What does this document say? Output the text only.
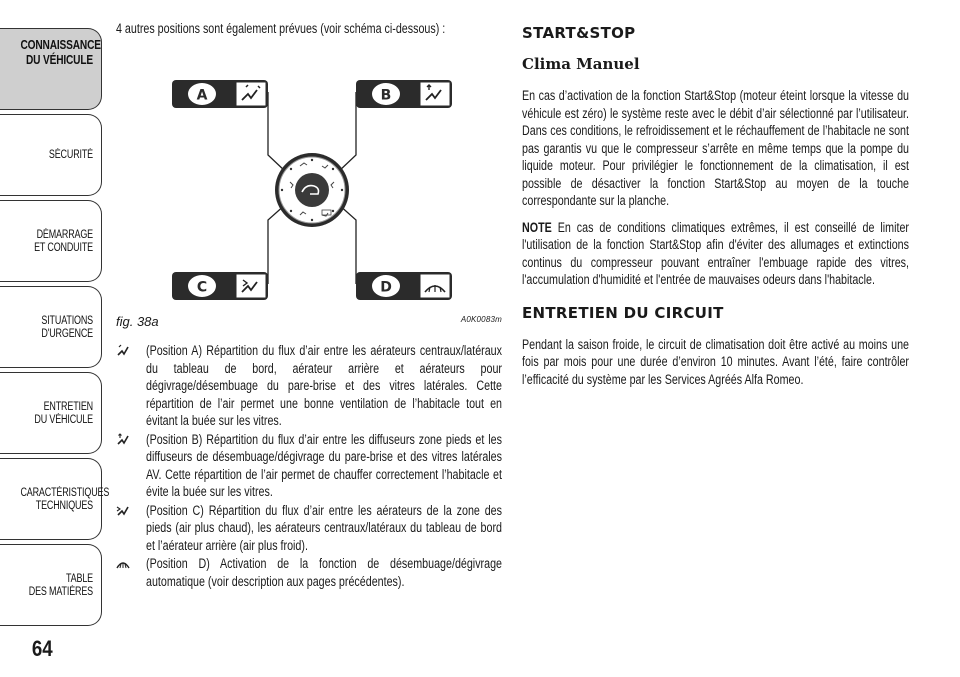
CONNAISSANCE
DU VÉHICULE
SÉCURITÉ
DÉMARRAGE
ET CONDUITE
SITUATIONS
D'URGENCE
ENTRETIEN
DU VÉHICULE
CARACTÉRISTIQUES
TECHNIQUES
TABLE
DES MATIÈRES
64
4 autres positions sont également prévues (voir schéma ci-dessous) :
A	B
C	D
fig. 38a	A0K0083m
(Position A) Répartition du flux d’air entre les aérateurs centraux/latéraux du tableau de bord, aérateur arrière et aérateurs pour dégivrage/désembuage du pare-brise et des vitres latérales. Cette répartition de l’air permet une bonne ventilation de l’habitacle tout en évitant la buée sur les vitres.
(Position B) Répartition du flux d’air entre les diffuseurs zone pieds et les diffuseurs de désembuage/dégivrage du pare-brise et des vitres latérales AV. Cette répartition de l’air permet de chauffer correctement l’habitacle et évite la buée sur les vitres.
(Position C) Répartition du flux d’air entre les aérateurs de la zone des pieds (air plus chaud), les aérateurs centraux/latéraux du tableau de bord et l’aérateur arrière (air plus froid).
(Position D) Activation de la fonction de désembuage/dégivrage automatique (voir description aux pages précédentes).
START&STOP
Clima Manuel

En cas d’activation de la fonction Start&Stop (moteur éteint lorsque la vitesse du véhicule est zéro) le système reste avec le débit d’air sélectionné par l’utilisateur. Dans ces conditions, le refroidissement et le réchauffement de l’habitacle ne sont pas garantis vu que le compresseur s’arrête en même temps que la pompe du liquide moteur. Pour privilégier le fonctionnement de la climatisation, il est possible de désactiver la fonction Start&Stop au moyen de la touche correspondante sur la planche.

NOTE En cas de conditions climatiques extrêmes, il est conseillé de limiter l'utilisation de la fonction Start&Stop afin d'éviter des allumages et extinctions continus du compresseur pouvant entraîner l'embuage rapide des vitres, l'accumulation d'humidité et l'entrée de mauvaises odeurs dans l'habitacle.

ENTRETIEN DU CIRCUIT

Pendant la saison froide, le circuit de climatisation doit être activé au moins une fois par mois pour une durée d’environ 10 minutes. Avant l’été, faire contrôler l’efficacité du système par les Services Agréés Alfa Romeo.
